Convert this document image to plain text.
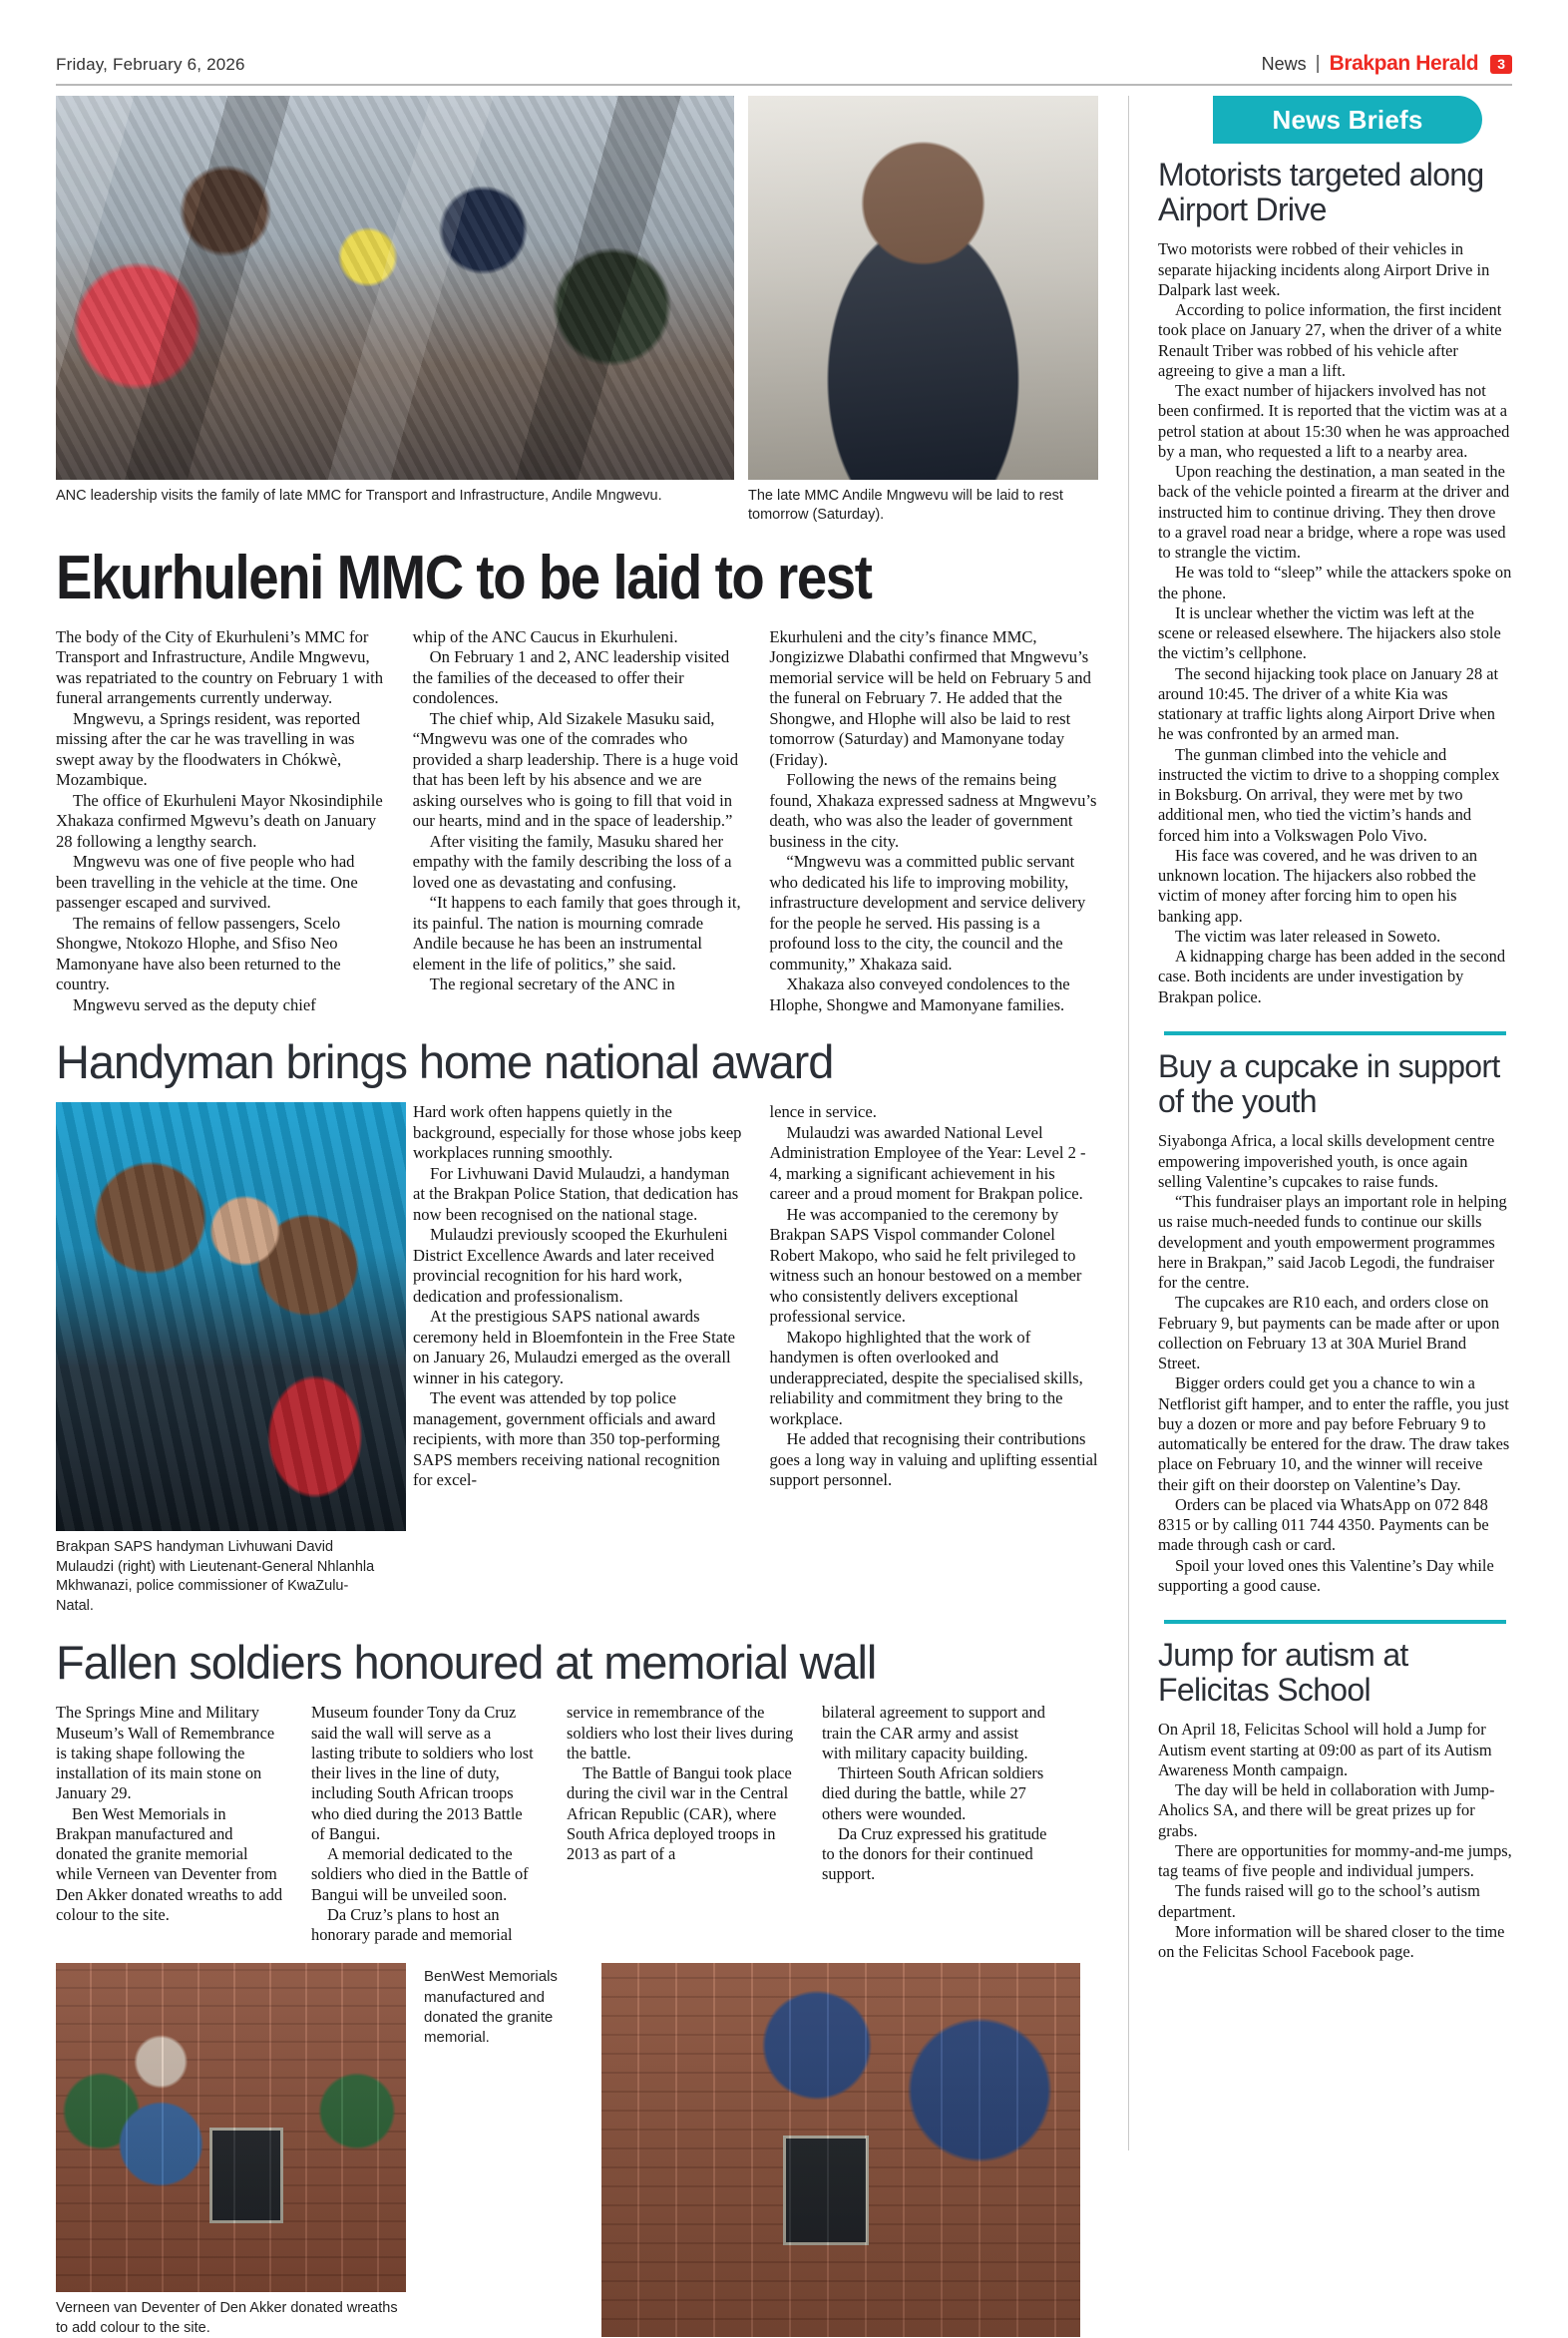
Friday, February 6, 2026	News | Brakpan Herald	3
ANC leadership visits the family of late MMC for Transport and Infrastructure, Andile Mngwevu.	The late MMC Andile Mngwevu will be laid to rest tomorrow (Saturday).
Ekurhuleni MMC to be laid to rest

The body of the City of Ekurhuleni’s MMC for Transport and Infrastructure, Andile Mngwevu, was repatriated to the country on February 1 with funeral arrangements currently underway.

Mngwevu, a Springs resident, was reported missing after the car he was travelling in was swept away by the floodwaters in Chókwè, Mozambique.

The office of Ekurhuleni Mayor Nkosindiphile Xhakaza confirmed Mgwevu’s death on January 28 following a lengthy search.

Mngwevu was one of five people who had been travelling in the vehicle at the time. One passenger escaped and survived.

The remains of fellow passengers, Scelo Shongwe, Ntokozo Hlophe, and Sfiso Neo Mamonyane have also been returned to the country.

Mngwevu served as the deputy chief

whip of the ANC Caucus in Ekurhuleni.

On February 1 and 2, ANC leadership visited the families of the deceased to offer their condolences.

The chief whip, Ald Sizakele Masuku said, “Mngwevu was one of the comrades who provided a sharp leadership. There is a huge void that has been left by his absence and we are asking ourselves who is going to fill that void in our hearts, mind and in the space of leadership.”

After visiting the family, Masuku shared her empathy with the family describing the loss of a loved one as devastating and confusing.

“It happens to each family that goes through it, its painful. The nation is mourning comrade Andile because he has been an instrumental element in the life of politics,” she said.

The regional secretary of the ANC in

Ekurhuleni and the city’s finance MMC, Jongizizwe Dlabathi confirmed that Mngwevu’s memorial service will be held on February 5 and the funeral on February 7. He added that the Shongwe, and Hlophe will also be laid to rest tomorrow (Saturday) and Mamonyane today (Friday).

Following the news of the remains being found, Xhakaza expressed sadness at Mngwevu’s death, who was also the leader of government business in the city.

“Mngwevu was a committed public servant who dedicated his life to improving mobility, infrastructure development and service delivery for the people he served. His passing is a profound loss to the city, the council and the community,” Xhakaza said.

Xhakaza also conveyed condolences to the Hlophe, Shongwe and Mamonyane families.

Handyman brings home national award
Brakpan SAPS handyman Livhuwani David Mulaudzi (right) with Lieutenant-General Nhlanhla Mkhwanazi, police commissioner of KwaZulu-Natal.

Hard work often happens quietly in the background, especially for those whose jobs keep workplaces running smoothly.

For Livhuwani David Mulaudzi, a handyman at the Brakpan Police Station, that dedication has now been recognised on the national stage.

Mulaudzi previously scooped the Ekurhuleni District Excellence Awards and later received provincial recognition for his hard work, dedication and professionalism.

At the prestigious SAPS national awards ceremony held in Bloemfontein in the Free State on January 26, Mulaudzi emerged as the overall winner in his category.

The event was attended by top police management, government officials and award recipients, with more than 350 top-performing SAPS members receiving national recognition for excel-

lence in service.

Mulaudzi was awarded National Level Administration Employee of the Year: Level 2 - 4, marking a significant achievement in his career and a proud moment for Brakpan police.

He was accompanied to the ceremony by Brakpan SAPS Vispol commander Colonel Robert Makopo, who said he felt privileged to witness such an honour bestowed on a member who consistently delivers exceptional professional service.

Makopo highlighted that the work of handymen is often overlooked and underappreciated, despite the specialised skills, reliability and commitment they bring to the workplace.

He added that recognising their contributions goes a long way in valuing and uplifting essential support personnel.

Fallen soldiers honoured at memorial wall

The Springs Mine and Military Museum’s Wall of Remembrance is taking shape following the installation of its main stone on January 29.

Ben West Memorials in Brakpan manufactured and donated the granite memorial while Verneen van Deventer from Den Akker donated wreaths to add colour to the site.

Museum founder Tony da Cruz said the wall will serve as a lasting tribute to soldiers who lost their lives in the line of duty, including South African troops who died during the 2013 Battle of Bangui.

A memorial dedicated to the soldiers who died in the Battle of Bangui will be unveiled soon.

Da Cruz’s plans to host an honorary parade and memorial

service in remembrance of the soldiers who lost their lives during the battle.

The Battle of Bangui took place during the civil war in the Central African Republic (CAR), where South Africa deployed troops in 2013 as part of a

bilateral agreement to support and train the CAR army and assist with military capacity building.

Thirteen South African soldiers died during the battle, while 27 others were wounded.

Da Cruz expressed his gratitude to the donors for their continued support.

Verneen van Deventer of Den Akker donated wreaths to add colour to the site.
BenWest Memorials manufactured and donated the granite memorial.
News Briefs
Motorists targeted along Airport Drive

Two motorists were robbed of their vehicles in separate hijacking incidents along Airport Drive in Dalpark last week.

According to police information, the first incident took place on January 27, when the driver of a white Renault Triber was robbed of his vehicle after agreeing to give a man a lift.

The exact number of hijackers involved has not been confirmed. It is reported that the victim was at a petrol station at about 15:30 when he was approached by a man, who requested a lift to a nearby area.

Upon reaching the destination, a man seated in the back of the vehicle pointed a firearm at the driver and instructed him to continue driving. They then drove to a gravel road near a bridge, where a rope was used to strangle the victim.

He was told to “sleep” while the attackers spoke on the phone.

It is unclear whether the victim was left at the scene or released elsewhere. The hijackers also stole the victim’s cellphone.

The second hijacking took place on January 28 at around 10:45. The driver of a white Kia was stationary at traffic lights along Airport Drive when he was confronted by an armed man.

The gunman climbed into the vehicle and instructed the victim to drive to a shopping complex in Boksburg. On arrival, they were met by two additional men, who tied the victim’s hands and forced him into a Volkswagen Polo Vivo.

His face was covered, and he was driven to an unknown location. The hijackers also robbed the victim of money after forcing him to open his banking app.

The victim was later released in Soweto.

A kidnapping charge has been added in the second case. Both incidents are under investigation by Brakpan police.

Buy a cupcake in support of the youth

Siyabonga Africa, a local skills development centre empowering impoverished youth, is once again selling Valentine’s cupcakes to raise funds.

“This fundraiser plays an important role in helping us raise much-needed funds to continue our skills development and youth empowerment programmes here in Brakpan,” said Jacob Legodi, the fundraiser for the centre.

The cupcakes are R10 each, and orders close on February 9, but payments can be made after or upon collection on February 13 at 30A Muriel Brand Street.

Bigger orders could get you a chance to win a Netflorist gift hamper, and to enter the raffle, you just buy a dozen or more and pay before February 9 to automatically be entered for the draw. The draw takes place on February 10, and the winner will receive their gift on their doorstep on Valentine’s Day.

Orders can be placed via WhatsApp on 072 848 8315 or by calling 011 744 4350. Payments can be made through cash or card.

Spoil your loved ones this Valentine’s Day while supporting a good cause.

Jump for autism at Felicitas School

On April 18, Felicitas School will hold a Jump for Autism event starting at 09:00 as part of its Autism Awareness Month campaign.

The day will be held in collaboration with Jump-Aholics SA, and there will be great prizes up for grabs.

There are opportunities for mommy-and-me jumps, tag teams of five people and individual jumpers.

The funds raised will go to the school’s autism department.

More information will be shared closer to the time on the Felicitas School Facebook page.
